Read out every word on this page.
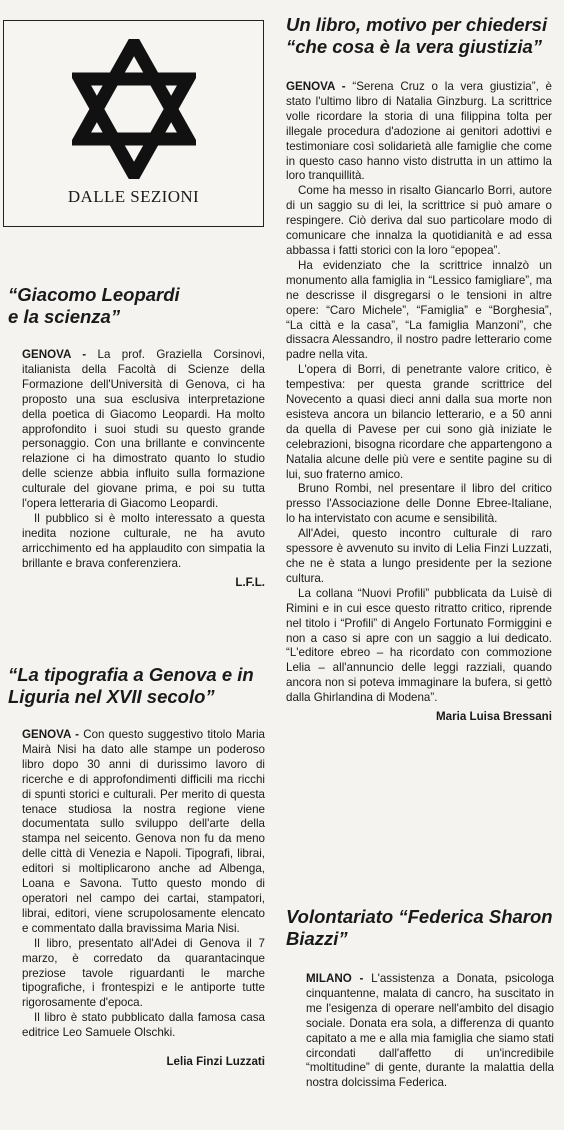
DALLE SEZIONI
“Giacomo Leopardi
e la scienza”

GENOVA - La prof. Graziella Corsinovi, italianista della Facoltà di Scienze della Formazione dell'Università di Genova, ci ha proposto una sua esclusiva interpretazione della poetica di Giacomo Leopardi. Ha molto approfondito i suoi studi su questo grande personaggio. Con una brillante e convincente relazione ci ha dimostrato quanto lo studio delle scienze abbia influito sulla formazione culturale del giovane prima, e poi su tutta l'opera letteraria di Giacomo Leopardi.

Il pubblico si è molto interessato a questa inedita nozione culturale, ne ha avuto arricchimento ed ha applaudito con simpatia la brillante e brava conferenziera.

L.F.L.
“La tipografia a Genova e in
Liguria nel XVII secolo”

GENOVA - Con questo suggestivo titolo Maria Mairà Nisi ha dato alle stampe un poderoso libro dopo 30 anni di durissimo lavoro di ricerche e di approfondimenti difficili ma ricchi di spunti storici e culturali. Per merito di questa tenace studiosa la nostra regione viene documentata sullo sviluppo dell'arte della stampa nel seicento. Genova non fu da meno delle città di Venezia e Napoli. Tipografi, librai, editori si moltiplicarono anche ad Albenga, Loana e Savona. Tutto questo mondo di operatori nel campo dei cartai, stampatori, librai, editori, viene scrupolosamente elencato e commentato dalla bravissima Maria Nisi.

Il libro, presentato all'Adei di Genova il 7 marzo, è corredato da quarantacinque preziose tavole riguardanti le marche tipografiche, i frontespizi e le antiporte tutte rigorosamente d'epoca.

Il libro è stato pubblicato dalla famosa casa editrice Leo Samuele Olschki.

Lelia Finzi Luzzati
Un libro, motivo per chiedersi
“che cosa è la vera giustizia”

GENOVA - “Serena Cruz o la vera giustizia”, è stato l'ultimo libro di Natalia Ginzburg. La scrittrice volle ricordare la storia di una filippina tolta per illegale procedura d'adozione ai genitori adottivi e testimoniare così solidarietà alle famiglie che come in questo caso hanno visto distrutta in un attimo la loro tranquillità.

Come ha messo in risalto Giancarlo Borri, autore di un saggio su di lei, la scrittrice si può amare o respingere. Ciò deriva dal suo particolare modo di comunicare che innalza la quotidianità e ad essa abbassa i fatti storici con la loro “epopea”.

Ha evidenziato che la scrittrice innalzò un monumento alla famiglia in “Lessico famigliare”, ma ne descrisse il disgregarsi o le tensioni in altre opere: “Caro Michele”, “Famiglia” e “Borghesia”, “La città e la casa”, “La famiglia Manzoni”, che dissacra Alessandro, il nostro padre letterario come padre nella vita.

L'opera di Borri, di penetrante valore critico, è tempestiva: per questa grande scrittrice del Novecento a quasi dieci anni dalla sua morte non esisteva ancora un bilancio letterario, e a 50 anni da quella di Pavese per cui sono già iniziate le celebrazioni, bisogna ricordare che appartengono a Natalia alcune delle più vere e sentite pagine su di lui, suo fraterno amico.

Bruno Rombi, nel presentare il libro del critico presso l'Associazione delle Donne Ebree-Italiane, lo ha intervistato con acume e sensibilità.

All'Adei, questo incontro culturale di raro spessore è avvenuto su invito di Lelia Finzi Luzzati, che ne è stata a lungo presidente per la sezione cultura.

La collana “Nuovi Profili” pubblicata da Luisè di Rimini e in cui esce questo ritratto critico, riprende nel titolo i “Profili” di Angelo Fortunato Formiggini e non a caso si apre con un saggio a lui dedicato. “L'editore ebreo – ha ricordato con commozione Lelia – all'annuncio delle leggi razziali, quando ancora non si poteva immaginare la bufera, si gettò dalla Ghirlandina di Modena”.

Maria Luisa Bressani
Volontariato “Federica Sharon
Biazzi”

MILANO - L'assistenza a Donata, psicologa cinquantenne, malata di cancro, ha suscitato in me l'esigenza di operare nell'ambito del disagio sociale. Donata era sola, a differenza di quanto capitato a me e alla mia famiglia che siamo stati circondati dall'affetto di un'incredibile “moltitudine” di gente, durante la malattia della nostra dolcissima Federica.
